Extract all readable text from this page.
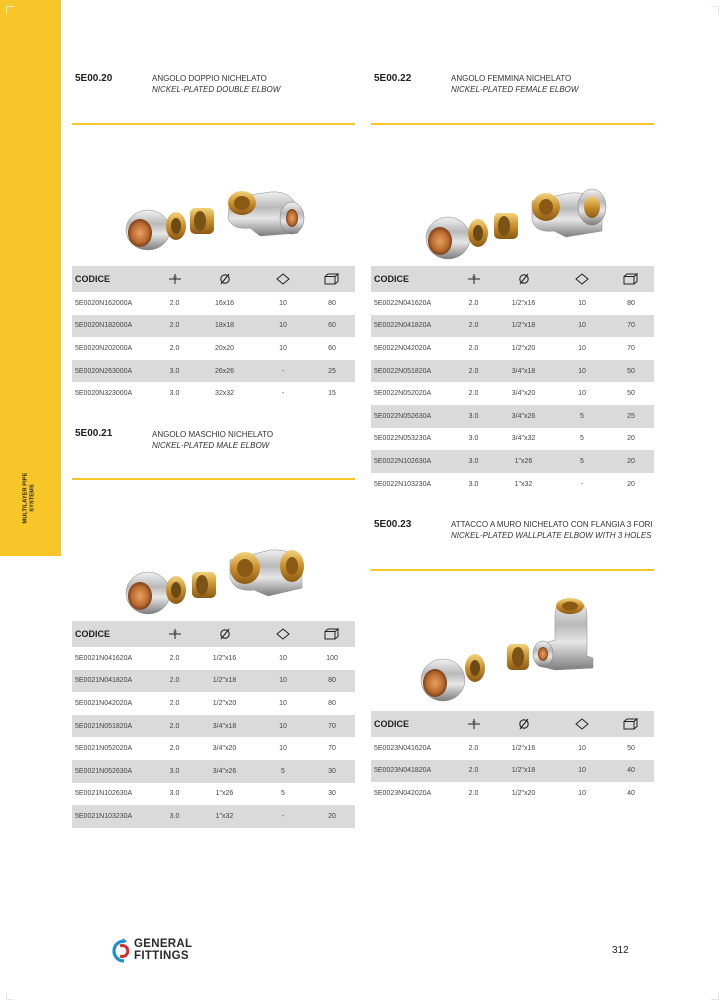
MULTILAYER PIPE SYSTEMS
5E00.20	ANGOLO DOPPIO NICHELATO
NICKEL-PLATED DOUBLE ELBOW
CODICE				
5E0020N162000A	2.0	16x16	10	80
5E0020N182000A	2.0	18x18	10	60
5E0020N202000A	2.0	20x20	10	60
5E0020N263000A	3.0	26x26	-	25
5E0020N323000A	3.0	32x32	-	15
5E00.21	ANGOLO MASCHIO NICHELATO
NICKEL-PLATED MALE ELBOW
CODICE				
5E0021N041620A	2.0	1/2"x16	10	100
5E0021N041820A	2.0	1/2"x18	10	80
5E0021N042020A	2.0	1/2"x20	10	80
5E0021N051820A	2.0	3/4"x18	10	70
5E0021N052020A	2.0	3/4"x20	10	70
5E0021N052630A	3.0	3/4"x26	5	30
5E0021N102630A	3.0	1"x26	5	30
5E0021N103230A	3.0	1"x32	-	20
5E00.22	ANGOLO FEMMINA NICHELATO
NICKEL-PLATED FEMALE ELBOW
CODICE				
5E0022N041620A	2.0	1/2"x16	10	80
5E0022N041820A	2.0	1/2"x18	10	70
5E0022N042020A	2.0	1/2"x20	10	70
5E0022N051820A	2.0	3/4"x18	10	50
5E0022N052020A	2.0	3/4"x20	10	50
5E0022N052630A	3.0	3/4"x26	5	25
5E0022N053230A	3.0	3/4"x32	5	20
5E0022N102630A	3.0	1"x26	5	20
5E0022N103230A	3.0	1"x32	-	20
5E00.23	ATTACCO A MURO NICHELATO CON FLANGIA 3 FORI
NICKEL-PLATED WALLPLATE ELBOW WITH 3 HOLES
CODICE				
5E0023N041620A	2.0	1/2"x16	10	50
5E0023N041820A	2.0	1/2"x18	10	40
5E0023N042020A	2.0	1/2"x20	10	40
GENERAL
FITTINGS	312
